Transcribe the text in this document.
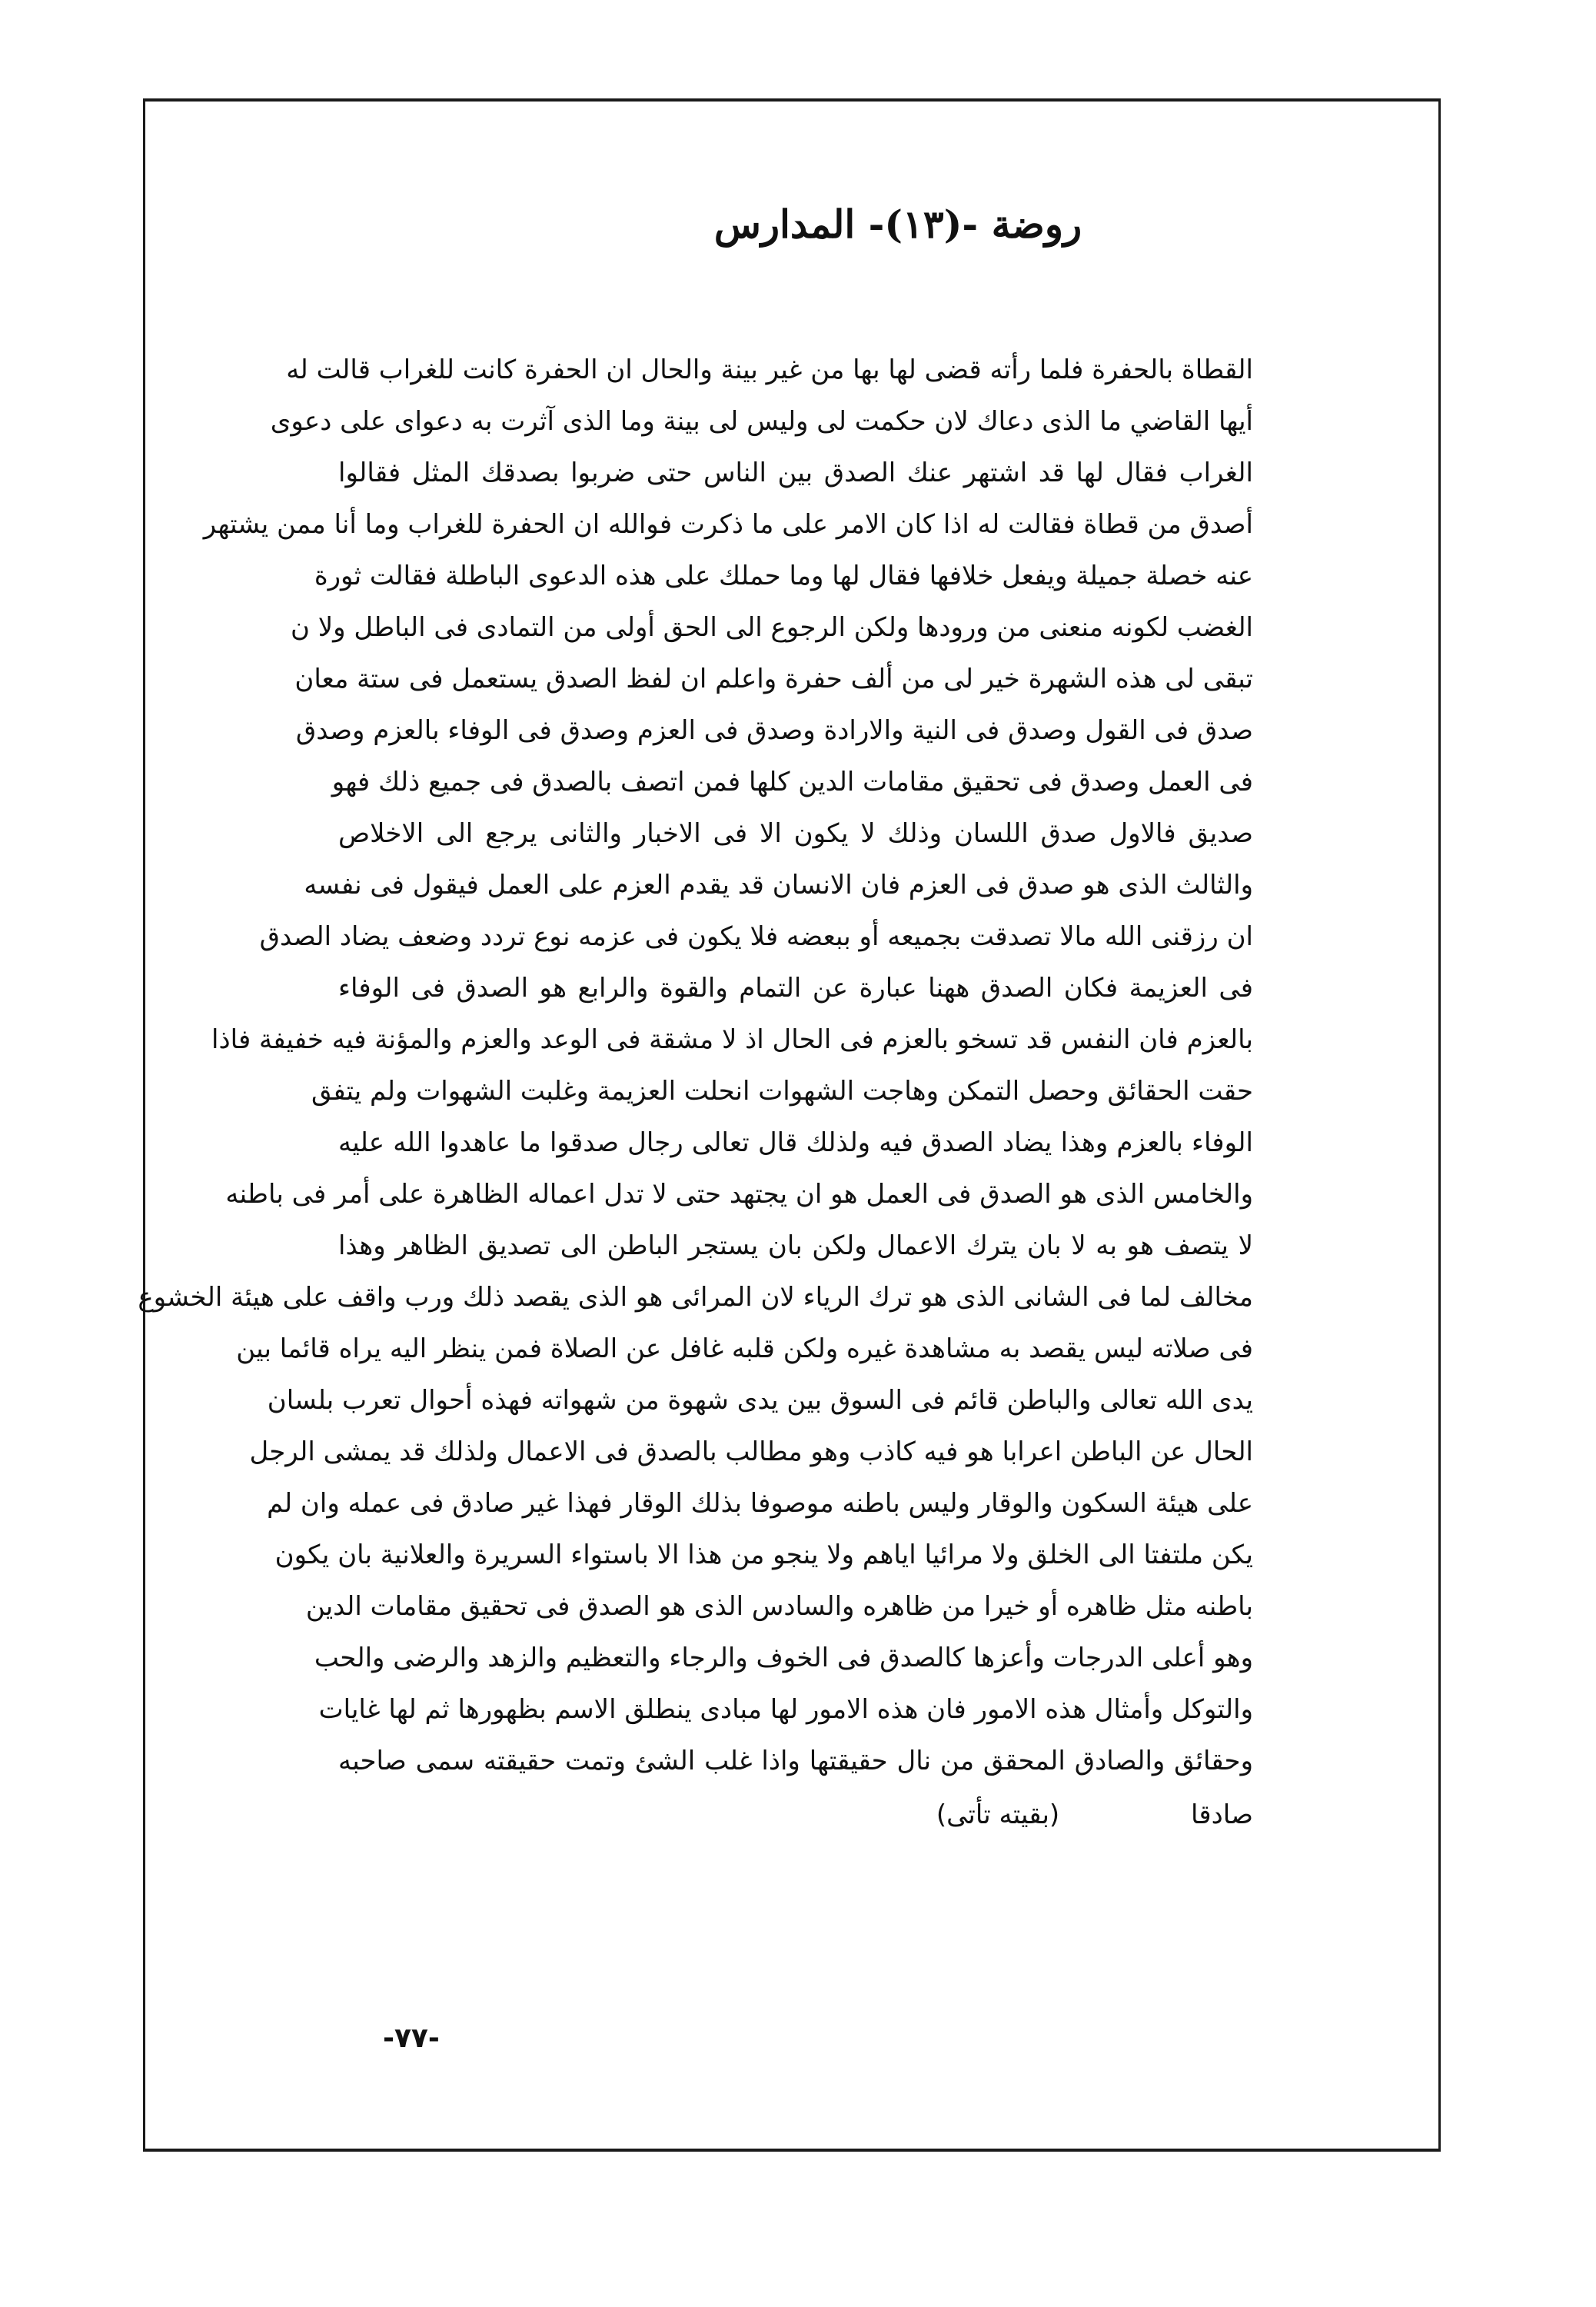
روضة -(١٣)- المدارس
القطاة بالحفرة فلما رأته قضى لها بها من غير بينة والحال ان الحفرة كانت للغراب قالت له
أيها القاضي ما الذى دعاك لان حكمت لى وليس لى بينة وما الذى آثرت به دعواى على دعوى
الغراب فقال لها قد اشتهر عنك الصدق بين الناس حتى ضربوا بصدقك المثل فقالوا
أصدق من قطاة فقالت له اذا كان الامر على ما ذكرت فوالله ان الحفرة للغراب وما أنا ممن يشتهر
عنه خصلة جميلة ويفعل خلافها فقال لها وما حملك على هذه الدعوى الباطلة فقالت ثورة
الغضب لكونه منعنى من ورودها ولكن الرجوع الى الحق أولى من التمادى فى الباطل ولا ن
تبقى لى هذه الشهرة خير لى من ألف حفرة واعلم ان لفظ الصدق يستعمل فى ستة معان
صدق فى القول وصدق فى النية والارادة وصدق فى العزم وصدق فى الوفاء بالعزم وصدق
فى العمل وصدق فى تحقيق مقامات الدين كلها فمن اتصف بالصدق فى جميع ذلك فهو
صديق فالاول صدق اللسان وذلك لا يكون الا فى الاخبار والثانى يرجع الى الاخلاص
والثالث الذى هو صدق فى العزم فان الانسان قد يقدم العزم على العمل فيقول فى نفسه
ان رزقنى الله مالا تصدقت بجميعه أو ببعضه فلا يكون فى عزمه نوع تردد وضعف يضاد الصدق
فى العزيمة فكان الصدق ههنا عبارة عن التمام والقوة والرابع هو الصدق فى الوفاء
بالعزم فان النفس قد تسخو بالعزم فى الحال اذ لا مشقة فى الوعد والعزم والمؤنة فيه خفيفة فاذا
حقت الحقائق وحصل التمكن وهاجت الشهوات انحلت العزيمة وغلبت الشهوات ولم يتفق
الوفاء بالعزم وهذا يضاد الصدق فيه ولذلك قال تعالى رجال صدقوا ما عاهدوا الله عليه
والخامس الذى هو الصدق فى العمل هو ان يجتهد حتى لا تدل اعماله الظاهرة على أمر فى باطنه
لا يتصف هو به لا بان يترك الاعمال ولكن بان يستجر الباطن الى تصديق الظاهر وهذا
مخالف لما فى الشانى الذى هو ترك الرياء لان المرائى هو الذى يقصد ذلك ورب واقف على هيئة الخشوع
فى صلاته ليس يقصد به مشاهدة غيره ولكن قلبه غافل عن الصلاة فمن ينظر اليه يراه قائما بين
يدى الله تعالى والباطن قائم فى السوق بين يدى شهوة من شهواته فهذه أحوال تعرب بلسان
الحال عن الباطن اعرابا هو فيه كاذب وهو مطالب بالصدق فى الاعمال ولذلك قد يمشى الرجل
على هيئة السكون والوقار وليس باطنه موصوفا بذلك الوقار فهذا غير صادق فى عمله وان لم
يكن ملتفتا الى الخلق ولا مرائيا اياهم ولا ينجو من هذا الا باستواء السريرة والعلانية بان يكون
باطنه مثل ظاهره أو خيرا من ظاهره والسادس الذى هو الصدق فى تحقيق مقامات الدين
وهو أعلى الدرجات وأعزها كالصدق فى الخوف والرجاء والتعظيم والزهد والرضى والحب
والتوكل وأمثال هذه الامور فان هذه الامور لها مبادى ينطلق الاسم بظهورها ثم لها غايات
وحقائق والصادق المحقق من نال حقيقتها واذا غلب الشئ وتمت حقيقته سمى صاحبه
صادقا (بقيته تأتى)
-٧٧-
